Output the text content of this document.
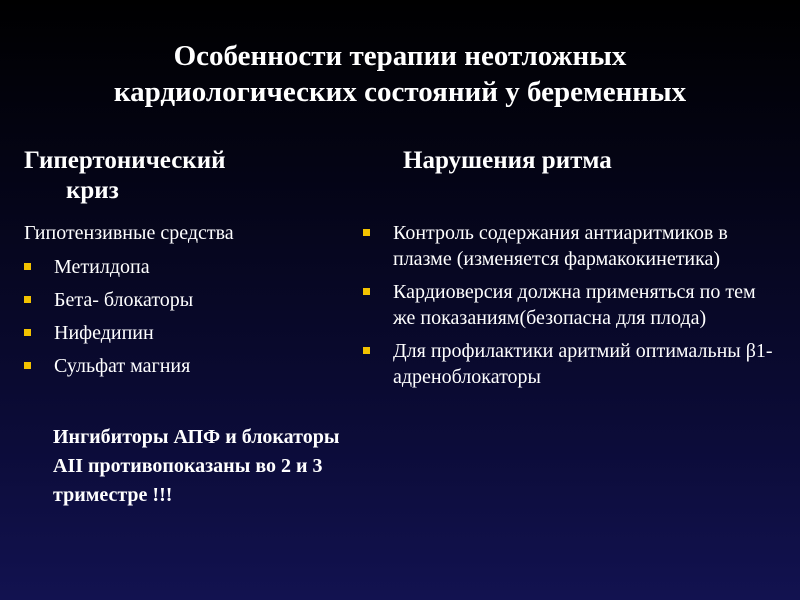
Особенности терапии неотложных
кардиологических состояний у беременных
Гипертонический
криз
Нарушения ритма
Гипотензивные средства
Метилдопа
Бета- блокаторы
Нифедипин
Сульфат магния
Ингибиторы АПФ и блокаторы АII противопоказаны во 2 и 3 триместре !!!
Контроль содержания антиаритмиков в плазме (изменяется фармакокинетика)
Кардиоверсия должна применяться по тем же показаниям(безопасна для плода)
Для профилактики аритмий оптимальны β1- адреноблокаторы
